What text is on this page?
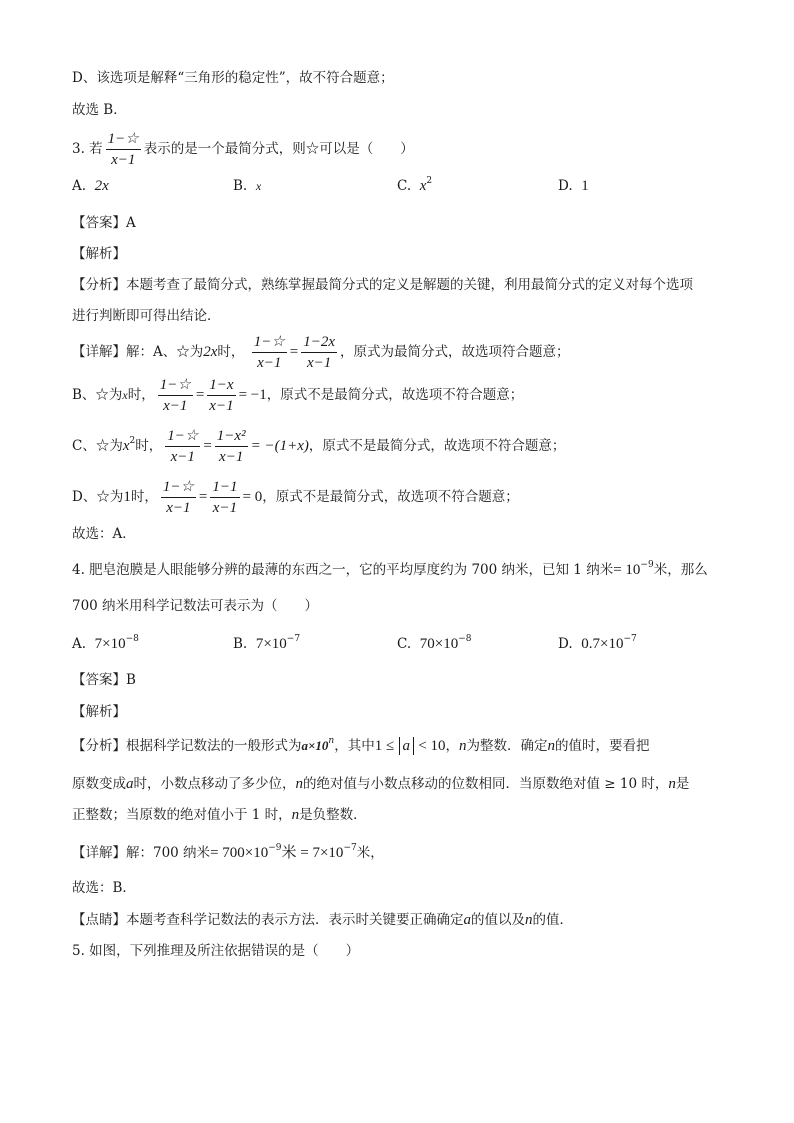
D、该选项是解释“三角形的稳定性”，故不符合题意；
故选 B．
3. 若 $\frac{1-☆}{x-1}$ 表示的是一个最简分式，则☆可以是（　　）
A. 2x	B. x	C. $x^2$	D. 1
【答案】A
【解析】
【分析】本题考查了最简分式，熟练掌握最简分式的定义是解题的关键，利用最简分式的定义对每个选项
进行判断即可得出结论．
【详解】解：A、☆为2x时， $\frac{1-☆}{x-1} = \frac{1-2x}{x-1}$ ，原式为最简分式，故选项符合题意；
B、☆为x时， $\frac{1-☆}{x-1} = \frac{1-x}{x-1} = -1$，原式不是最简分式，故选项不符合题意；
C、☆为$x^2$时， $\frac{1-☆}{x-1} = \frac{\text{1−x²}}{x-1} = -(1+x)$，原式不是最简分式，故选项不符合题意；
D、☆为1时， $\frac{1-☆}{x-1} = \frac{1-1}{x-1} = 0$，原式不是最简分式，故选项不符合题意；
故选：A．
4. 肥皂泡膜是人眼能够分辨的最薄的东西之一，它的平均厚度约为 700 纳米，已知 1 纳米= $10^{-9}$米，那么
700 纳米用科学记数法可表示为（　　）
A. $7\times 10^{-8}$	B. $7\times 10^{-7}$	C. $70\times 10^{-8}$	D. $0.7\times 10^{-7}$
【答案】B
【解析】
【分析】根据科学记数法的一般形式为$a\times 10^n$，其中1 ≤ a < 10，n为整数．确定n的值时，要看把
原数变成a时，小数点移动了多少位，n的绝对值与小数点移动的位数相同．当原数绝对值 ≥ 10 时，n是
正整数；当原数的绝对值小于 1 时，n是负整数．
【详解】解：700 纳米= $700\times 10^{-9}$米 = $7\times 10^{-7}$米，
故选：B．
【点睛】本题考查科学记数法的表示方法．表示时关键要正确确定a的值以及n的值．
5. 如图，下列推理及所注依据错误的是（　　）
